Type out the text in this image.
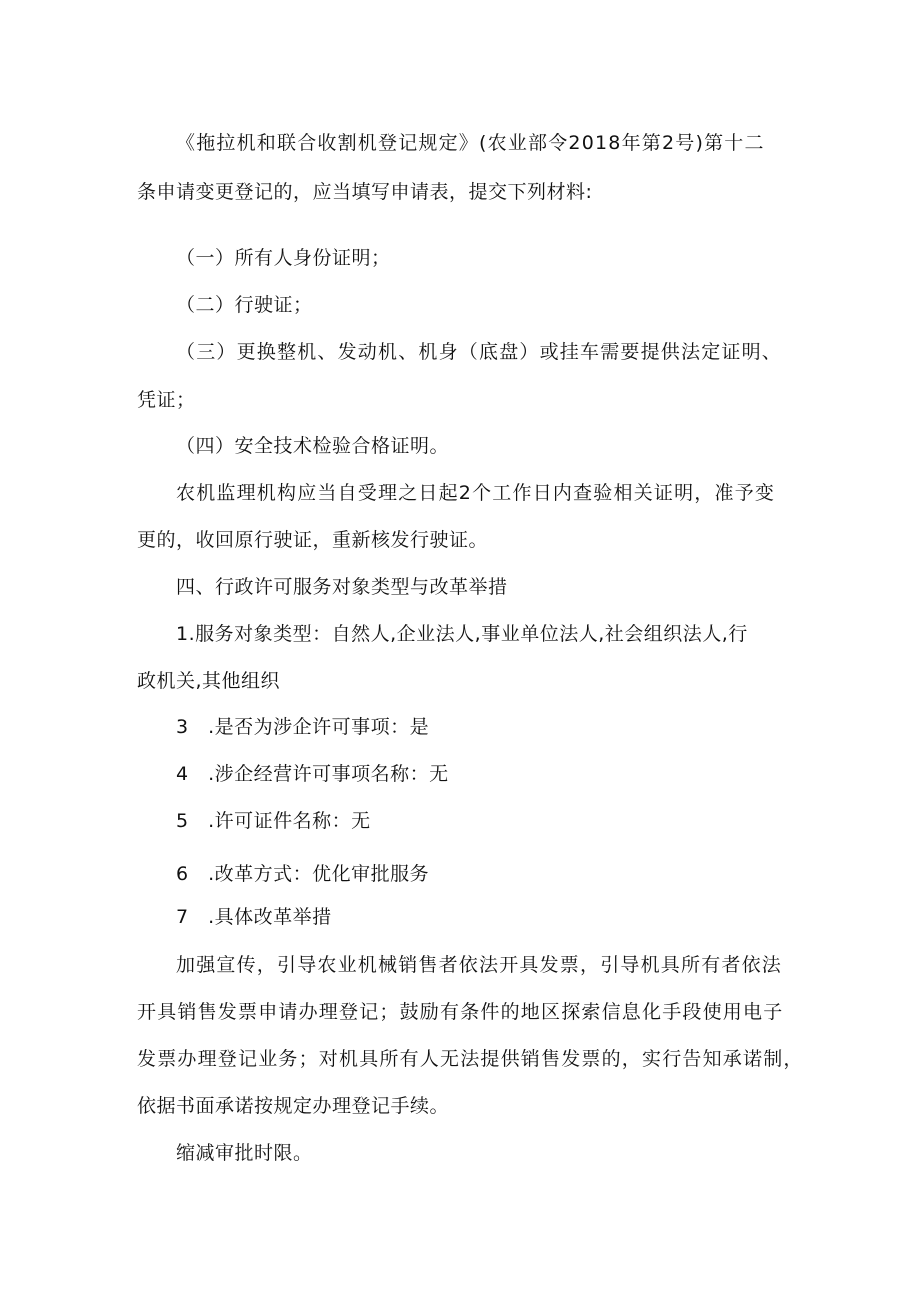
《拖拉机和联合收割机登记规定》(农业部令2018年第2号)第十二
条申请变更登记的，应当填写申请表，提交下列材料:
（一）所有人身份证明；
（二）行驶证；
（三）更换整机、发动机、机身（底盘）或挂车需要提供法定证明、
凭证；
（四）安全技术检验合格证明。
农机监理机构应当自受理之日起2个工作日内查验相关证明，准予变
更的，收回原行驶证，重新核发行驶证。
四、行政许可服务对象类型与改革举措
1.服务对象类型：自然人,企业法人,事业单位法人,社会组织法人,行
政机关,其他组织
3 .是否为涉企许可事项：是
4 .涉企经营许可事项名称：无
5 .许可证件名称：无
6 .改革方式：优化审批服务
7 .具体改革举措
加强宣传，引导农业机械销售者依法开具发票，引导机具所有者依法
开具销售发票申请办理登记；鼓励有条件的地区探索信息化手段使用电子
发票办理登记业务；对机具所有人无法提供销售发票的，实行告知承诺制，
依据书面承诺按规定办理登记手续。
缩减审批时限。
